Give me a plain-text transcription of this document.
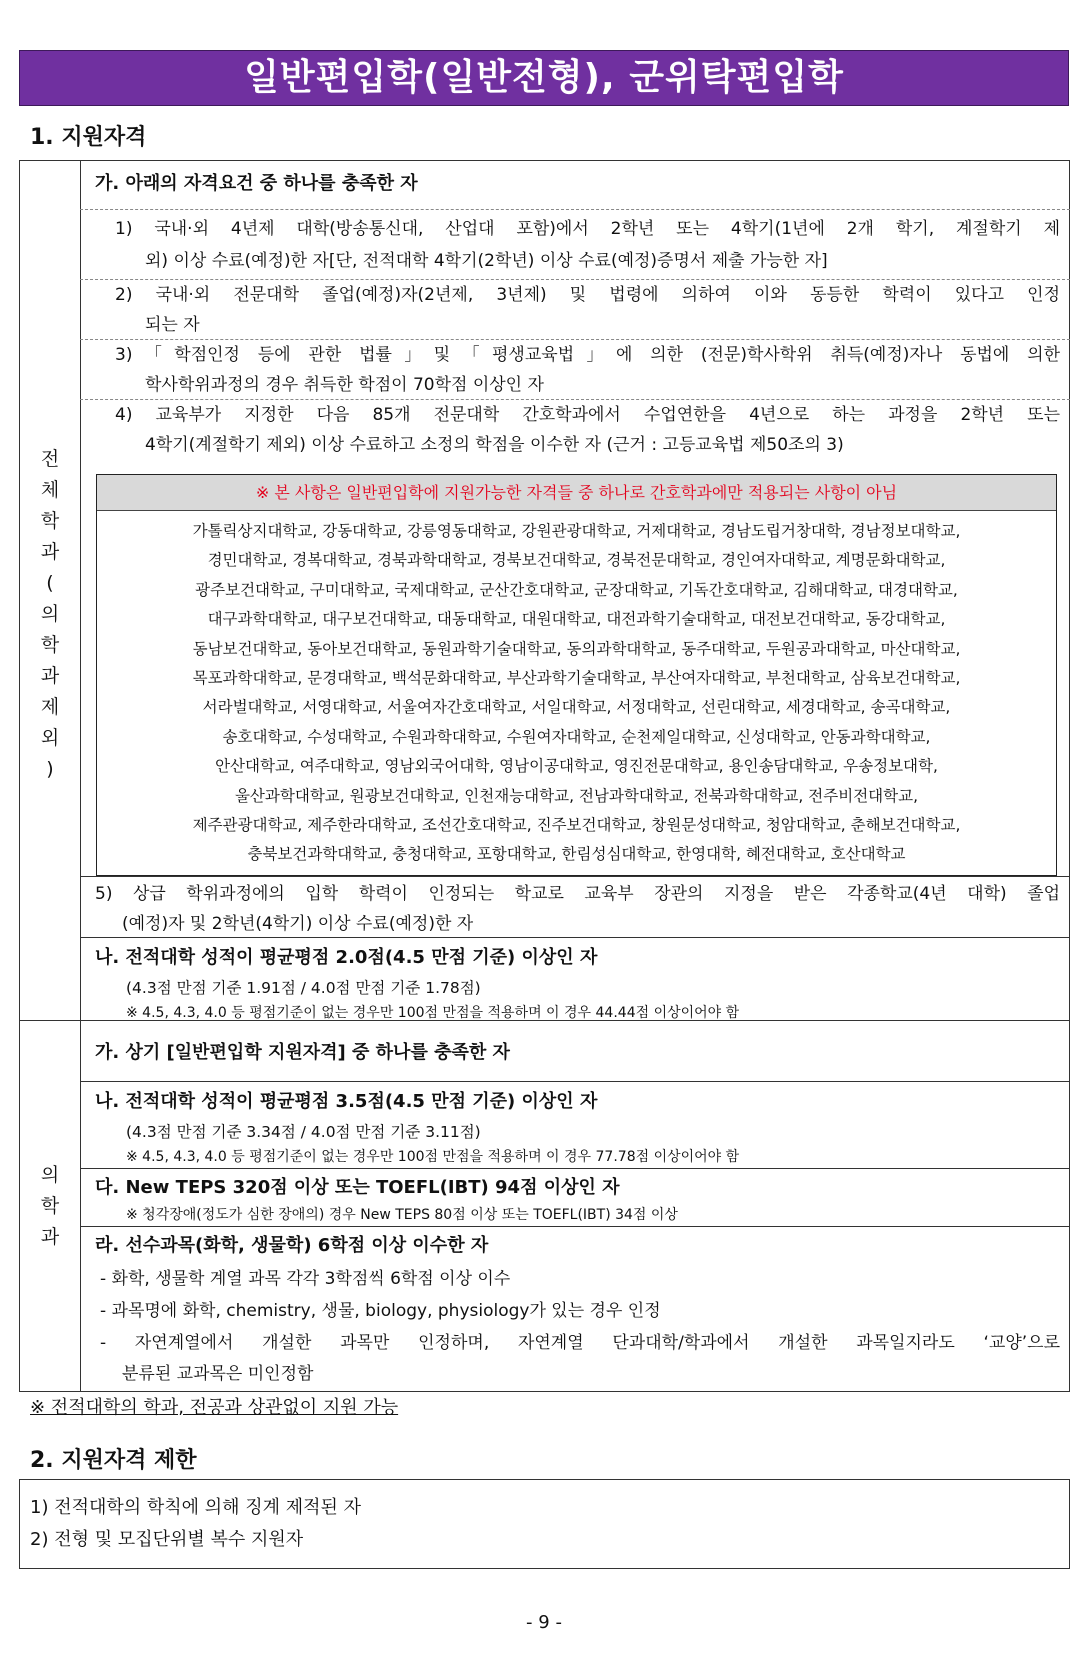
일반편입학(일반전형), 군위탁편입학
1. 지원자격
전
체
학
과
(
의
학
과
제
외
)
의
학
과
가. 아래의 자격요건 중 하나를 충족한 자
1) 국내·외 4년제 대학(방송통신대, 산업대 포함)에서 2학년 또는 4학기(1년에 2개 학기, 계절학기 제
외) 이상 수료(예정)한 자[단, 전적대학 4학기(2학년) 이상 수료(예정)증명서 제출 가능한 자]
2) 국내·외 전문대학 졸업(예정)자(2년제, 3년제) 및 법령에 의하여 이와 동등한 학력이 있다고 인정
되는 자
3)「학점인정 등에 관한 법률」및「평생교육법」에 의한 (전문)학사학위 취득(예정)자나 동법에 의한
학사학위과정의 경우 취득한 학점이 70학점 이상인 자
4) 교육부가 지정한 다음 85개 전문대학 간호학과에서 수업연한을 4년으로 하는 과정을 2학년 또는
4학기(계절학기 제외) 이상 수료하고 소정의 학점을 이수한 자 (근거 : 고등교육법 제50조의 3)
※ 본 사항은 일반편입학에 지원가능한 자격들 중 하나로 간호학과에만 적용되는 사항이 아님
가톨릭상지대학교, 강동대학교, 강릉영동대학교, 강원관광대학교, 거제대학교, 경남도립거창대학, 경남정보대학교,
경민대학교, 경복대학교, 경북과학대학교, 경북보건대학교, 경북전문대학교, 경인여자대학교, 계명문화대학교,
광주보건대학교, 구미대학교, 국제대학교, 군산간호대학교, 군장대학교, 기독간호대학교, 김해대학교, 대경대학교,
대구과학대학교, 대구보건대학교, 대동대학교, 대원대학교, 대전과학기술대학교, 대전보건대학교, 동강대학교,
동남보건대학교, 동아보건대학교, 동원과학기술대학교, 동의과학대학교, 동주대학교, 두원공과대학교, 마산대학교,
목포과학대학교, 문경대학교, 백석문화대학교, 부산과학기술대학교, 부산여자대학교, 부천대학교, 삼육보건대학교,
서라벌대학교, 서영대학교, 서울여자간호대학교, 서일대학교, 서정대학교, 선린대학교, 세경대학교, 송곡대학교,
송호대학교, 수성대학교, 수원과학대학교, 수원여자대학교, 순천제일대학교, 신성대학교, 안동과학대학교,
안산대학교, 여주대학교, 영남외국어대학, 영남이공대학교, 영진전문대학교, 용인송담대학교, 우송정보대학,
울산과학대학교, 원광보건대학교, 인천재능대학교, 전남과학대학교, 전북과학대학교, 전주비전대학교,
제주관광대학교, 제주한라대학교, 조선간호대학교, 진주보건대학교, 창원문성대학교, 청암대학교, 춘해보건대학교,
충북보건과학대학교, 충청대학교, 포항대학교, 한림성심대학교, 한영대학, 혜전대학교, 호산대학교
5) 상급 학위과정에의 입학 학력이 인정되는 학교로 교육부 장관의 지정을 받은 각종학교(4년 대학) 졸업
(예정)자 및 2학년(4학기) 이상 수료(예정)한 자
나. 전적대학 성적이 평균평점 2.0점(4.5 만점 기준) 이상인 자
(4.3점 만점 기준 1.91점 / 4.0점 만점 기준 1.78점)
※ 4.5, 4.3, 4.0 등 평점기준이 없는 경우만 100점 만점을 적용하며 이 경우 44.44점 이상이어야 함
가. 상기 [일반편입학 지원자격] 중 하나를 충족한 자
나. 전적대학 성적이 평균평점 3.5점(4.5 만점 기준) 이상인 자
(4.3점 만점 기준 3.34점 / 4.0점 만점 기준 3.11점)
※ 4.5, 4.3, 4.0 등 평점기준이 없는 경우만 100점 만점을 적용하며 이 경우 77.78점 이상이어야 함
다. New TEPS 320점 이상 또는 TOEFL(IBT) 94점 이상인 자
※ 청각장애(정도가 심한 장애의) 경우 New TEPS 80점 이상 또는 TOEFL(IBT) 34점 이상
라. 선수과목(화학, 생물학) 6학점 이상 이수한 자
- 화학, 생물학 계열 과목 각각 3학점씩 6학점 이상 이수
- 과목명에 화학, chemistry, 생물, biology, physiology가 있는 경우 인정
- 자연계열에서 개설한 과목만 인정하며, 자연계열 단과대학/학과에서 개설한 과목일지라도 ‘교양’으로
분류된 교과목은 미인정함
※ 전적대학의 학과, 전공과 상관없이 지원 가능
2. 지원자격 제한
1) 전적대학의 학칙에 의해 징계 제적된 자
2) 전형 및 모집단위별 복수 지원자
- 9 -
